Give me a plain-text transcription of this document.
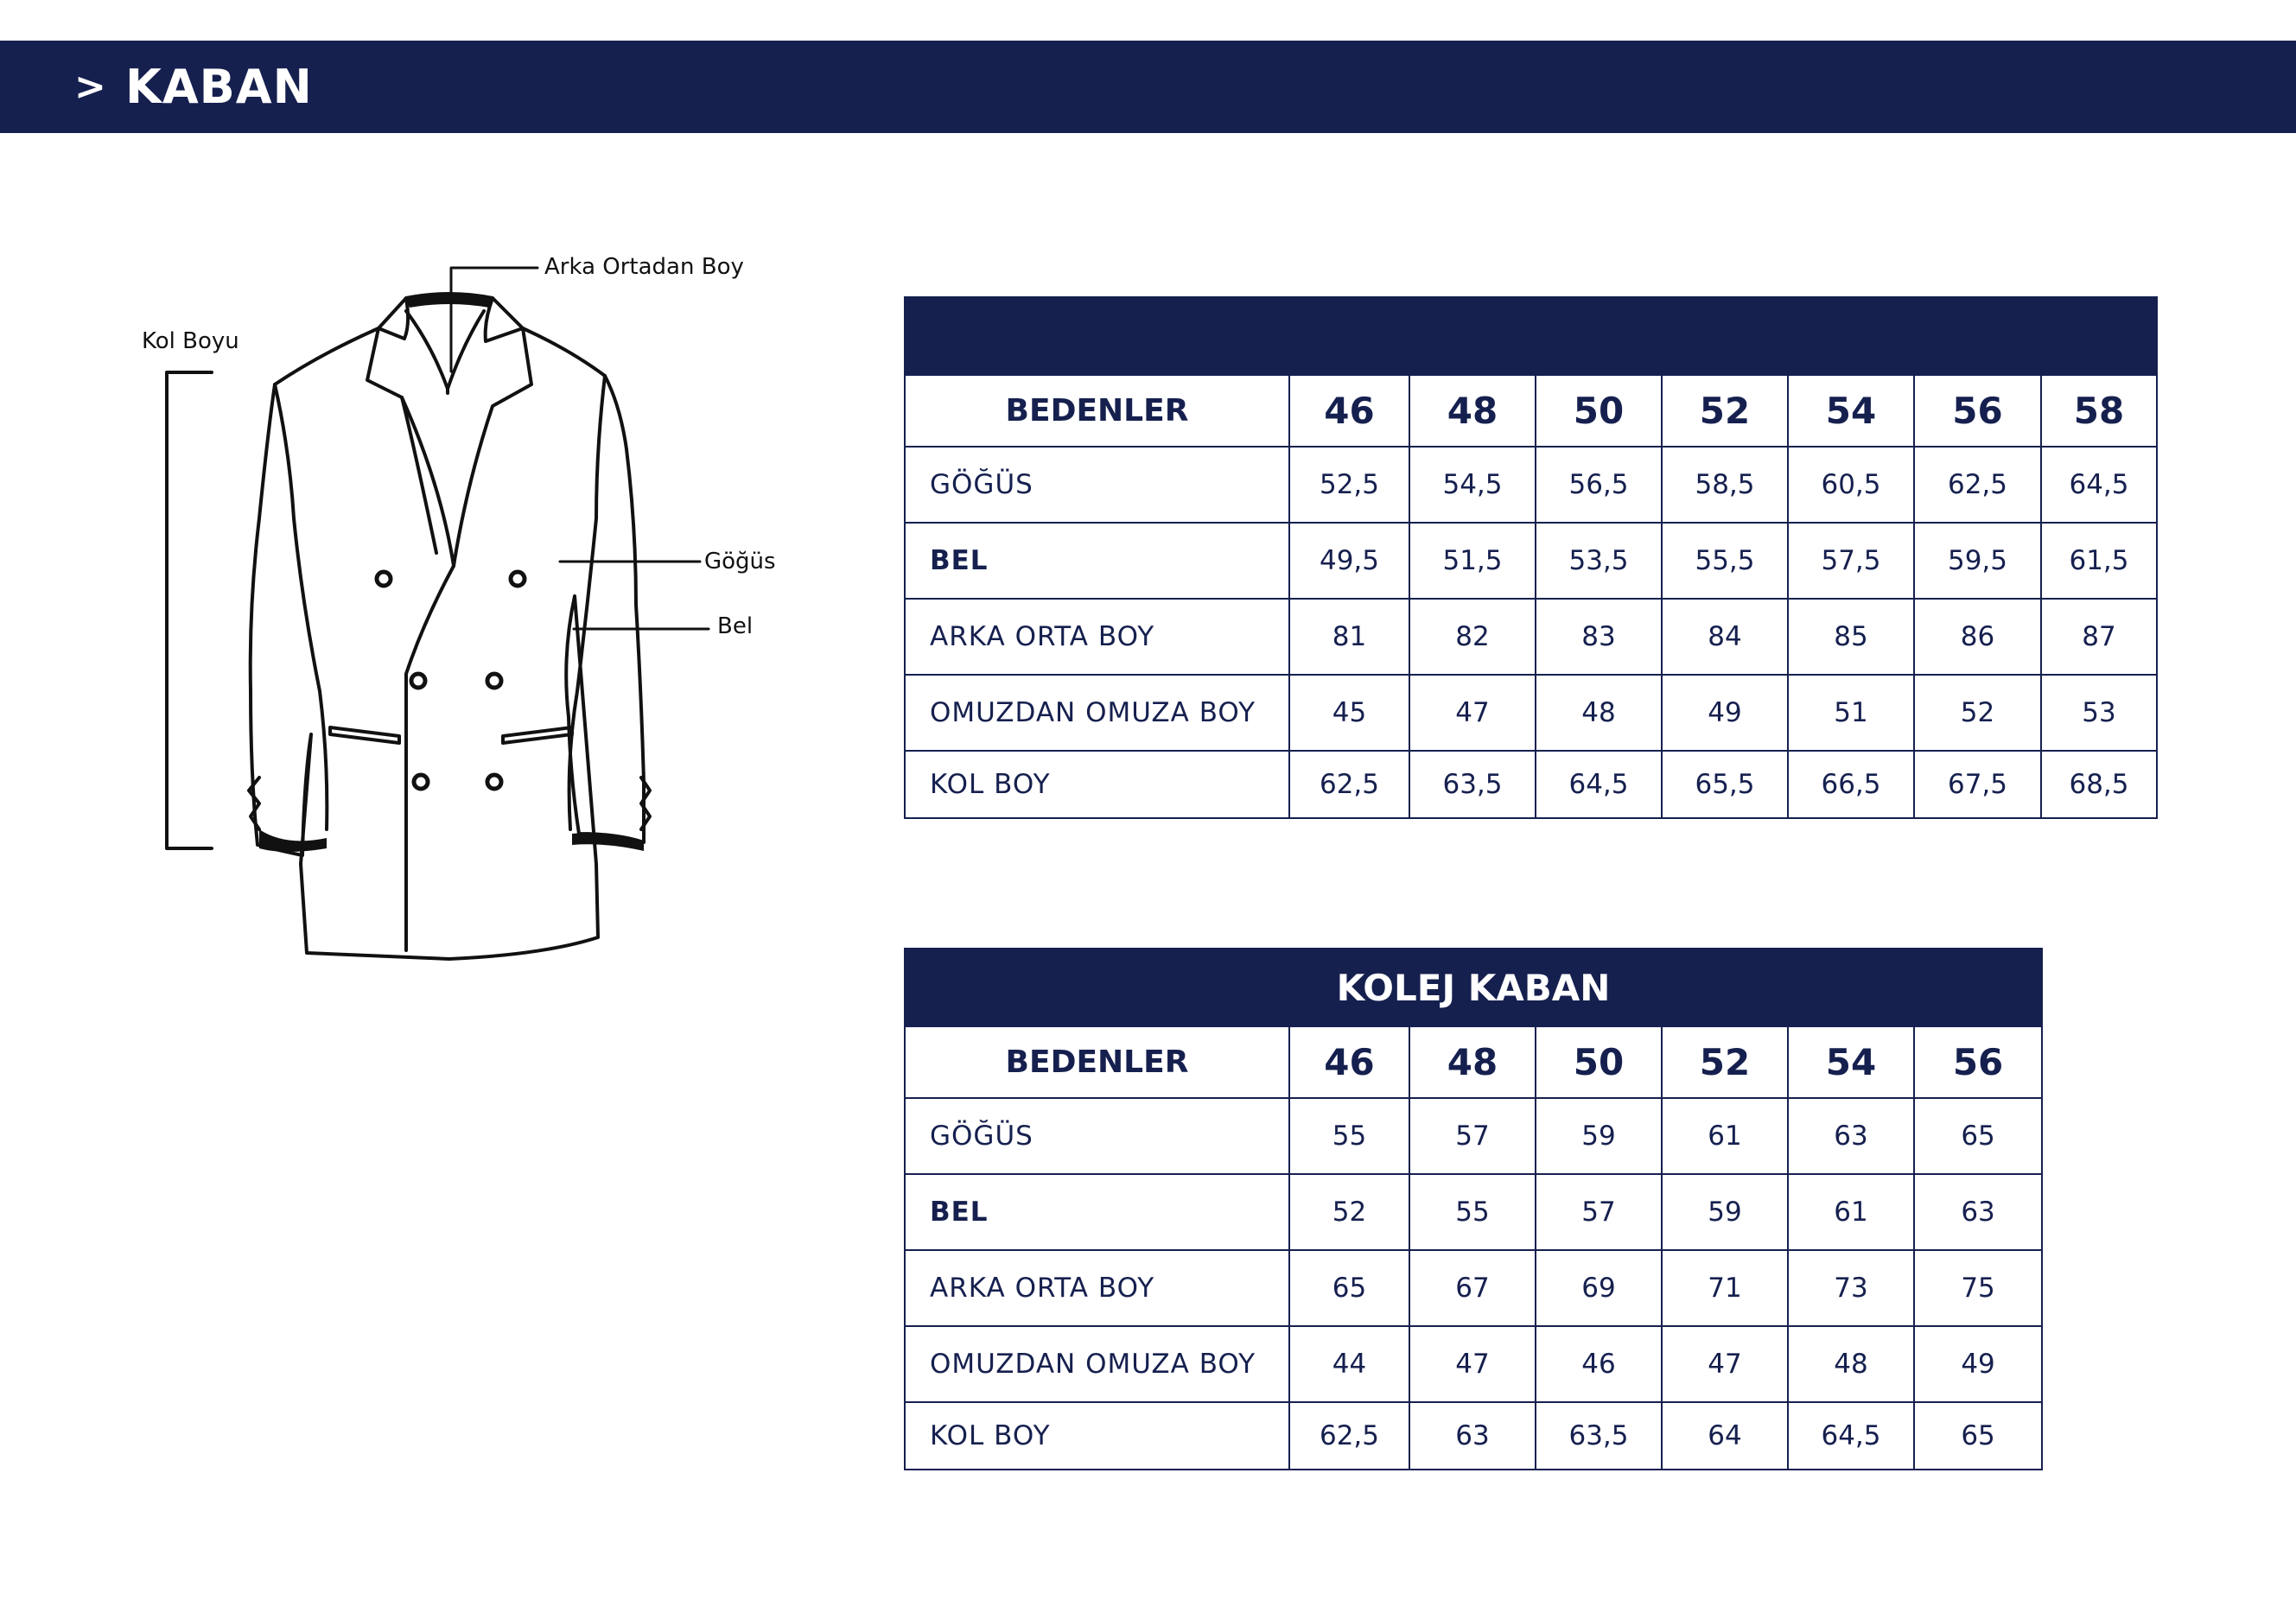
> KABAN
Arka Ortadan Boy
Kol Boyu
Göğüs
Bel

BEDENLER	46	48	50	52	54	56	58
GÖĞÜS	52,5	54,5	56,5	58,5	60,5	62,5	64,5
BEL	49,5	51,5	53,5	55,5	57,5	59,5	61,5
ARKA ORTA BOY	81	82	83	84	85	86	87
OMUZDAN OMUZA BOY	45	47	48	49	51	52	53
KOL BOY	62,5	63,5	64,5	65,5	66,5	67,5	68,5
KOLEJ KABAN						
BEDENLER	46	48	50	52	54	56
GÖĞÜS	55	57	59	61	63	65
BEL	52	55	57	59	61	63
ARKA ORTA BOY	65	67	69	71	73	75
OMUZDAN OMUZA BOY	44	47	46	47	48	49
KOL BOY	62,5	63	63,5	64	64,5	65
